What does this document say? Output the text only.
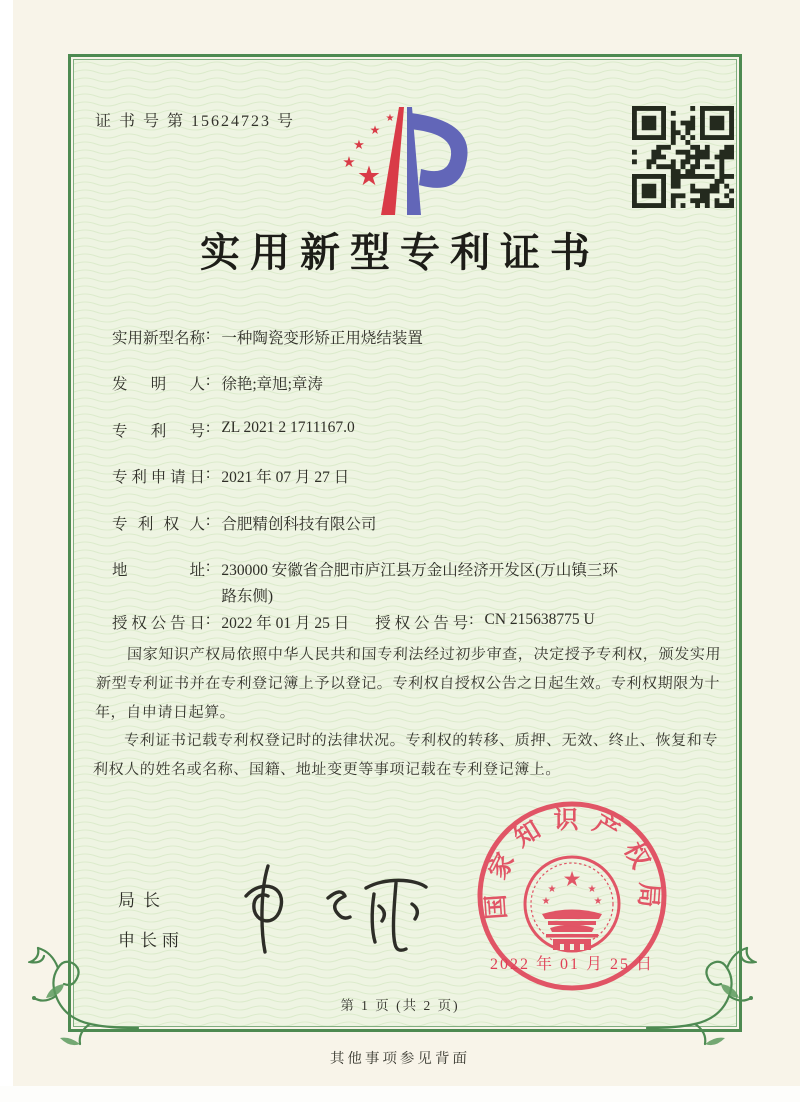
证 书 号 第 15624723 号
★
★
★
★
★
实用新型专利证书
实用新型名称: 一种陶瓷变形矫正用烧结装置
发明人: 徐艳;章旭;章涛
专利号: ZL 2021 2 1711167.0
专利申请日: 2021 年 07 月 27 日
专利权人: 合肥精创科技有限公司
地址: 230000 安徽省合肥市庐江县万金山经济开发区(万山镇三环路东侧)
授权公告日: 2022 年 01 月 25 日 授权公告号: CN 215638775 U

国家知识产权局依照中华人民共和国专利法经过初步审查，决定授予专利权，颁发实用新型专利证书并在专利登记簿上予以登记。专利权自授权公告之日起生效。专利权期限为十年，自申请日起算。

专利证书记载专利权登记时的法律状况。专利权的转移、质押、无效、终止、恢复和专利权人的姓名或名称、国籍、地址变更等事项记载在专利登记簿上。

局长
申长雨
国家知识产权局
★
★	★
★	★
2022 年 01 月 25 日
第 1 页 (共 2 页)
其他事项参见背面
